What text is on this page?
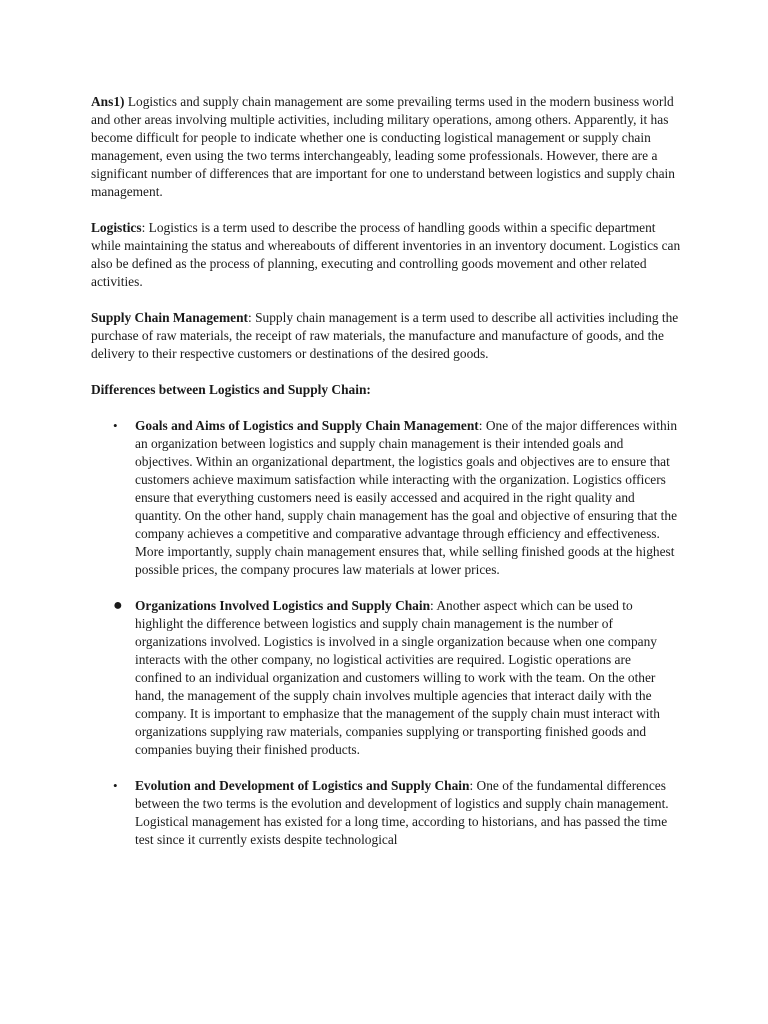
Ans1) Logistics and supply chain management are some prevailing terms used in the modern business world and other areas involving multiple activities, including military operations, among others. Apparently, it has become difficult for people to indicate whether one is conducting logistical management or supply chain management, even using the two terms interchangeably, leading some professionals. However, there are a significant number of differences that are important for one to understand between logistics and supply chain management.

Logistics: Logistics is a term used to describe the process of handling goods within a specific department while maintaining the status and whereabouts of different inventories in an inventory document. Logistics can also be defined as the process of planning, executing and controlling goods movement and other related activities.

Supply Chain Management: Supply chain management is a term used to describe all activities including the purchase of raw materials, the receipt of raw materials, the manufacture and manufacture of goods, and the delivery to their respective customers or destinations of the desired goods.

Differences between Logistics and Supply Chain:
• Goals and Aims of Logistics and Supply Chain Management: One of the major differences within an organization between logistics and supply chain management is their intended goals and objectives. Within an organizational department, the logistics goals and objectives are to ensure that customers achieve maximum satisfaction while interacting with the organization. Logistics officers ensure that everything customers need is easily accessed and acquired in the right quality and quantity. On the other hand, supply chain management has the goal and objective of ensuring that the company achieves a competitive and comparative advantage through efficiency and effectiveness. More importantly, supply chain management ensures that, while selling finished goods at the highest possible prices, the company procures law materials at lower prices.
● Organizations Involved Logistics and Supply Chain: Another aspect which can be used to highlight the difference between logistics and supply chain management is the number of organizations involved. Logistics is involved in a single organization because when one company interacts with the other company, no logistical activities are required. Logistic operations are confined to an individual organization and customers willing to work with the team. On the other hand, the management of the supply chain involves multiple agencies that interact daily with the company. It is important to emphasize that the management of the supply chain must interact with organizations supplying raw materials, companies supplying or transporting finished goods and companies buying their finished products.
• Evolution and Development of Logistics and Supply Chain: One of the fundamental differences between the two terms is the evolution and development of logistics and supply chain management. Logistical management has existed for a long time, according to historians, and has passed the time test since it currently exists despite technological
